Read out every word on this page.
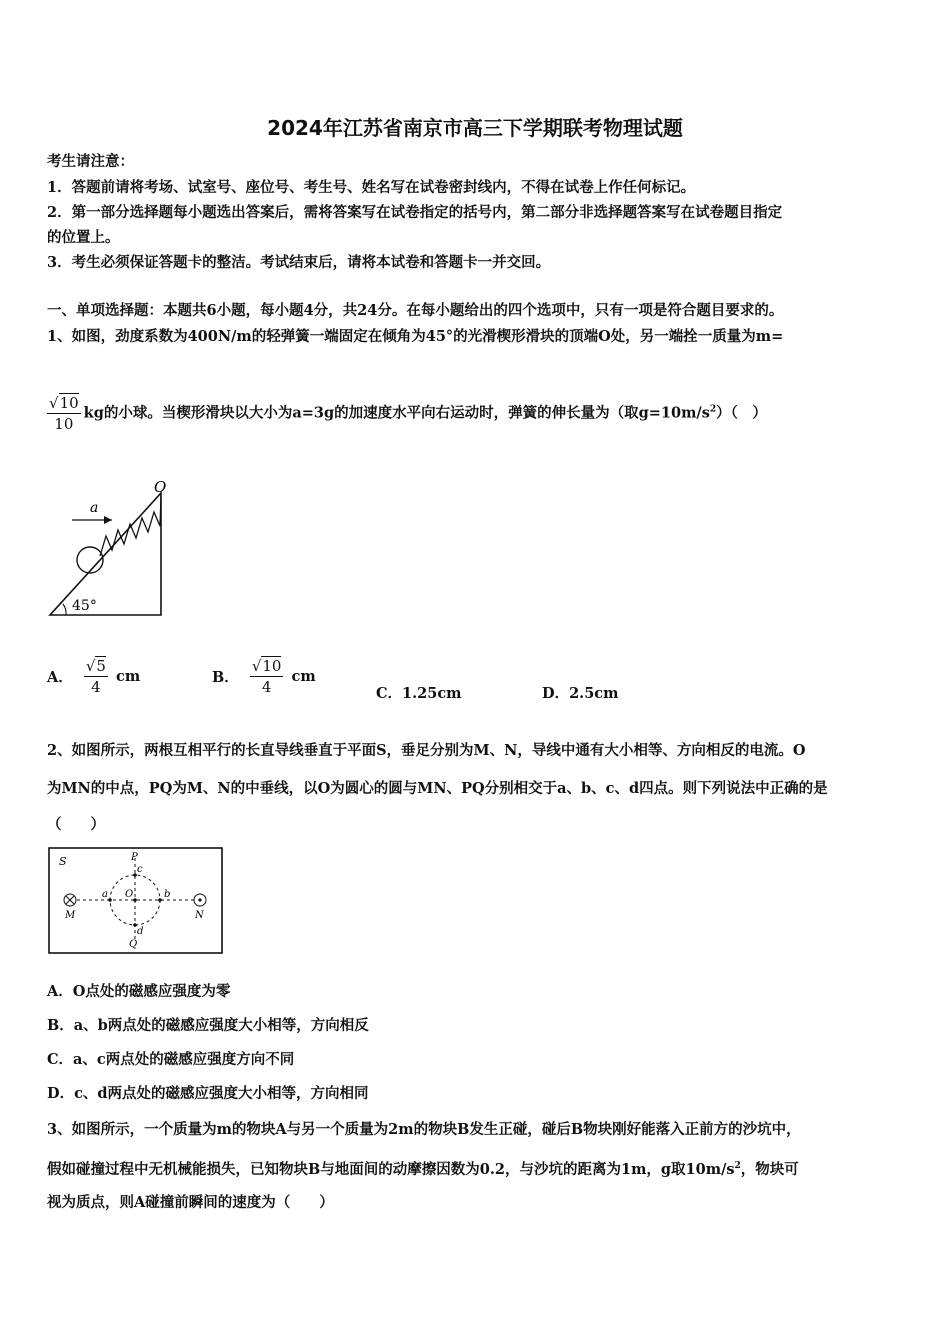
2024年江苏省南京市高三下学期联考物理试题
考生请注意：
1．答题前请将考场、试室号、座位号、考生号、姓名写在试卷密封线内，不得在试卷上作任何标记。
2．第一部分选择题每小题选出答案后，需将答案写在试卷指定的括号内，第二部分非选择题答案写在试卷题目指定
的位置上。
3．考生必须保证答题卡的整洁。考试结束后，请将本试卷和答题卡一并交回。
一、单项选择题：本题共6小题，每小题4分，共24分。在每小题给出的四个选项中，只有一项是符合题目要求的。
1、如图，劲度系数为400N/m的轻弹簧一端固定在倾角为45°的光滑楔形滑块的顶端O处，另一端拴一质量为m=
$\frac{√10}{10}$ kg的小球。当楔形滑块以大小为a=3g的加速度水平向右运动时，弹簧的伸长量为（取$g=10m/s^2$）（　）
a
O
45°
A． $\frac{√5}{4}$ cm	B． $\frac{√10}{4}$ cm
C．1.25cm	D．2.5cm
2、如图所示，两根互相平行的长直导线垂直于平面S，垂足分别为M、N，导线中通有大小相等、方向相反的电流。O
为MN的中点，PQ为M、N的中垂线，以O为圆心的圆与MN、PQ分别相交于a、b、c、d四点。则下列说法中正确的是
（　　）
S	P
c
a O	b
M	N
d
Q
A．O点处的磁感应强度为零
B．a、b两点处的磁感应强度大小相等，方向相反
C．a、c两点处的磁感应强度方向不同
D．c、d两点处的磁感应强度大小相等，方向相同
3、如图所示，一个质量为m的物块A与另一个质量为2m的物块B发生正碰，碰后B物块刚好能落入正前方的沙坑中，
假如碰撞过程中无机械能损失，已知物块B与地面间的动摩擦因数为0.2，与沙坑的距离为1m，g取$10m/s^2$，物块可
视为质点，则A碰撞前瞬间的速度为（　　）
